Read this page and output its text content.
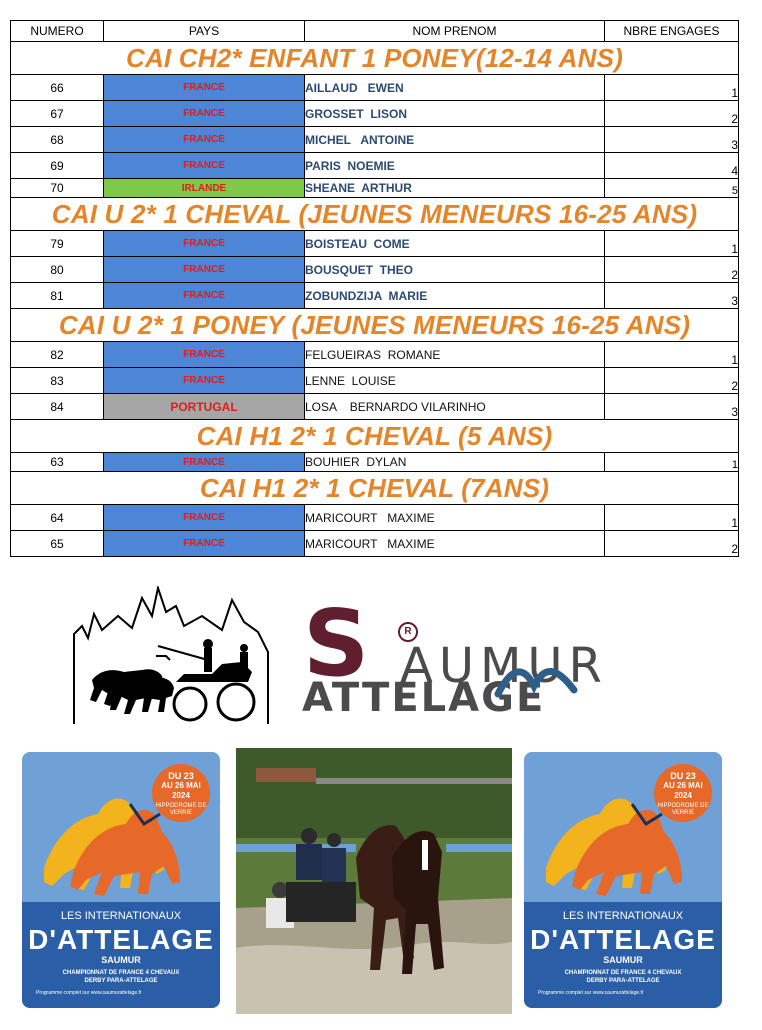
NUMERO	PAYS	NOM PRENOM	NBRE ENGAGES
CAI CH2* ENFANT 1 PONEY(12-14 ANS)			
66	FRANCE	AILLAUD   EWEN	1
67	FRANCE	GROSSET  LISON	2
68	FRANCE	MICHEL   ANTOINE	3
69	FRANCE	PARIS  NOEMIE	4
70	IRLANDE	SHEANE  ARTHUR	5
CAI U 2* 1 CHEVAL (JEUNES MENEURS 16-25 ANS)			
79	FRANCE	BOISTEAU  COME	1
80	FRANCE	BOUSQUET  THEO	2
81	FRANCE	ZOBUNDZIJA  MARIE	3
CAI U 2* 1 PONEY (JEUNES MENEURS 16-25 ANS)			
82	FRANCE	FELGUEIRAS  ROMANE	1
83	FRANCE	LENNE  LOUISE	2
84	PORTUGAL	LOSA    BERNARDO VILARINHO	3
CAI H1 2* 1 CHEVAL (5 ANS)			
63	FRANCE	BOUHIER  DYLAN	1
CAI H1 2* 1 CHEVAL (7ANS)			
64	FRANCE	MARICOURT   MAXIME	1
65	FRANCE	MARICOURT   MAXIME	2
S	R
AUMUR
ATTELAGE
DU 23
AU 26 MAI
2024
HIPPODROME DE VERRIE
LES INTERNATIONAUX
D'ATTELAGE
SAUMUR
CHAMPIONNAT DE FRANCE 4 CHEVAUX
DERBY PARA-ATTELAGE
Programme complet sur www.saumurattelage.fr
DU 23
AU 26 MAI
2024
HIPPODROME DE VERRIE
LES INTERNATIONAUX
D'ATTELAGE
SAUMUR
CHAMPIONNAT DE FRANCE 4 CHEVAUX
DERBY PARA-ATTELAGE
Programme complet sur www.saumurattelage.fr
